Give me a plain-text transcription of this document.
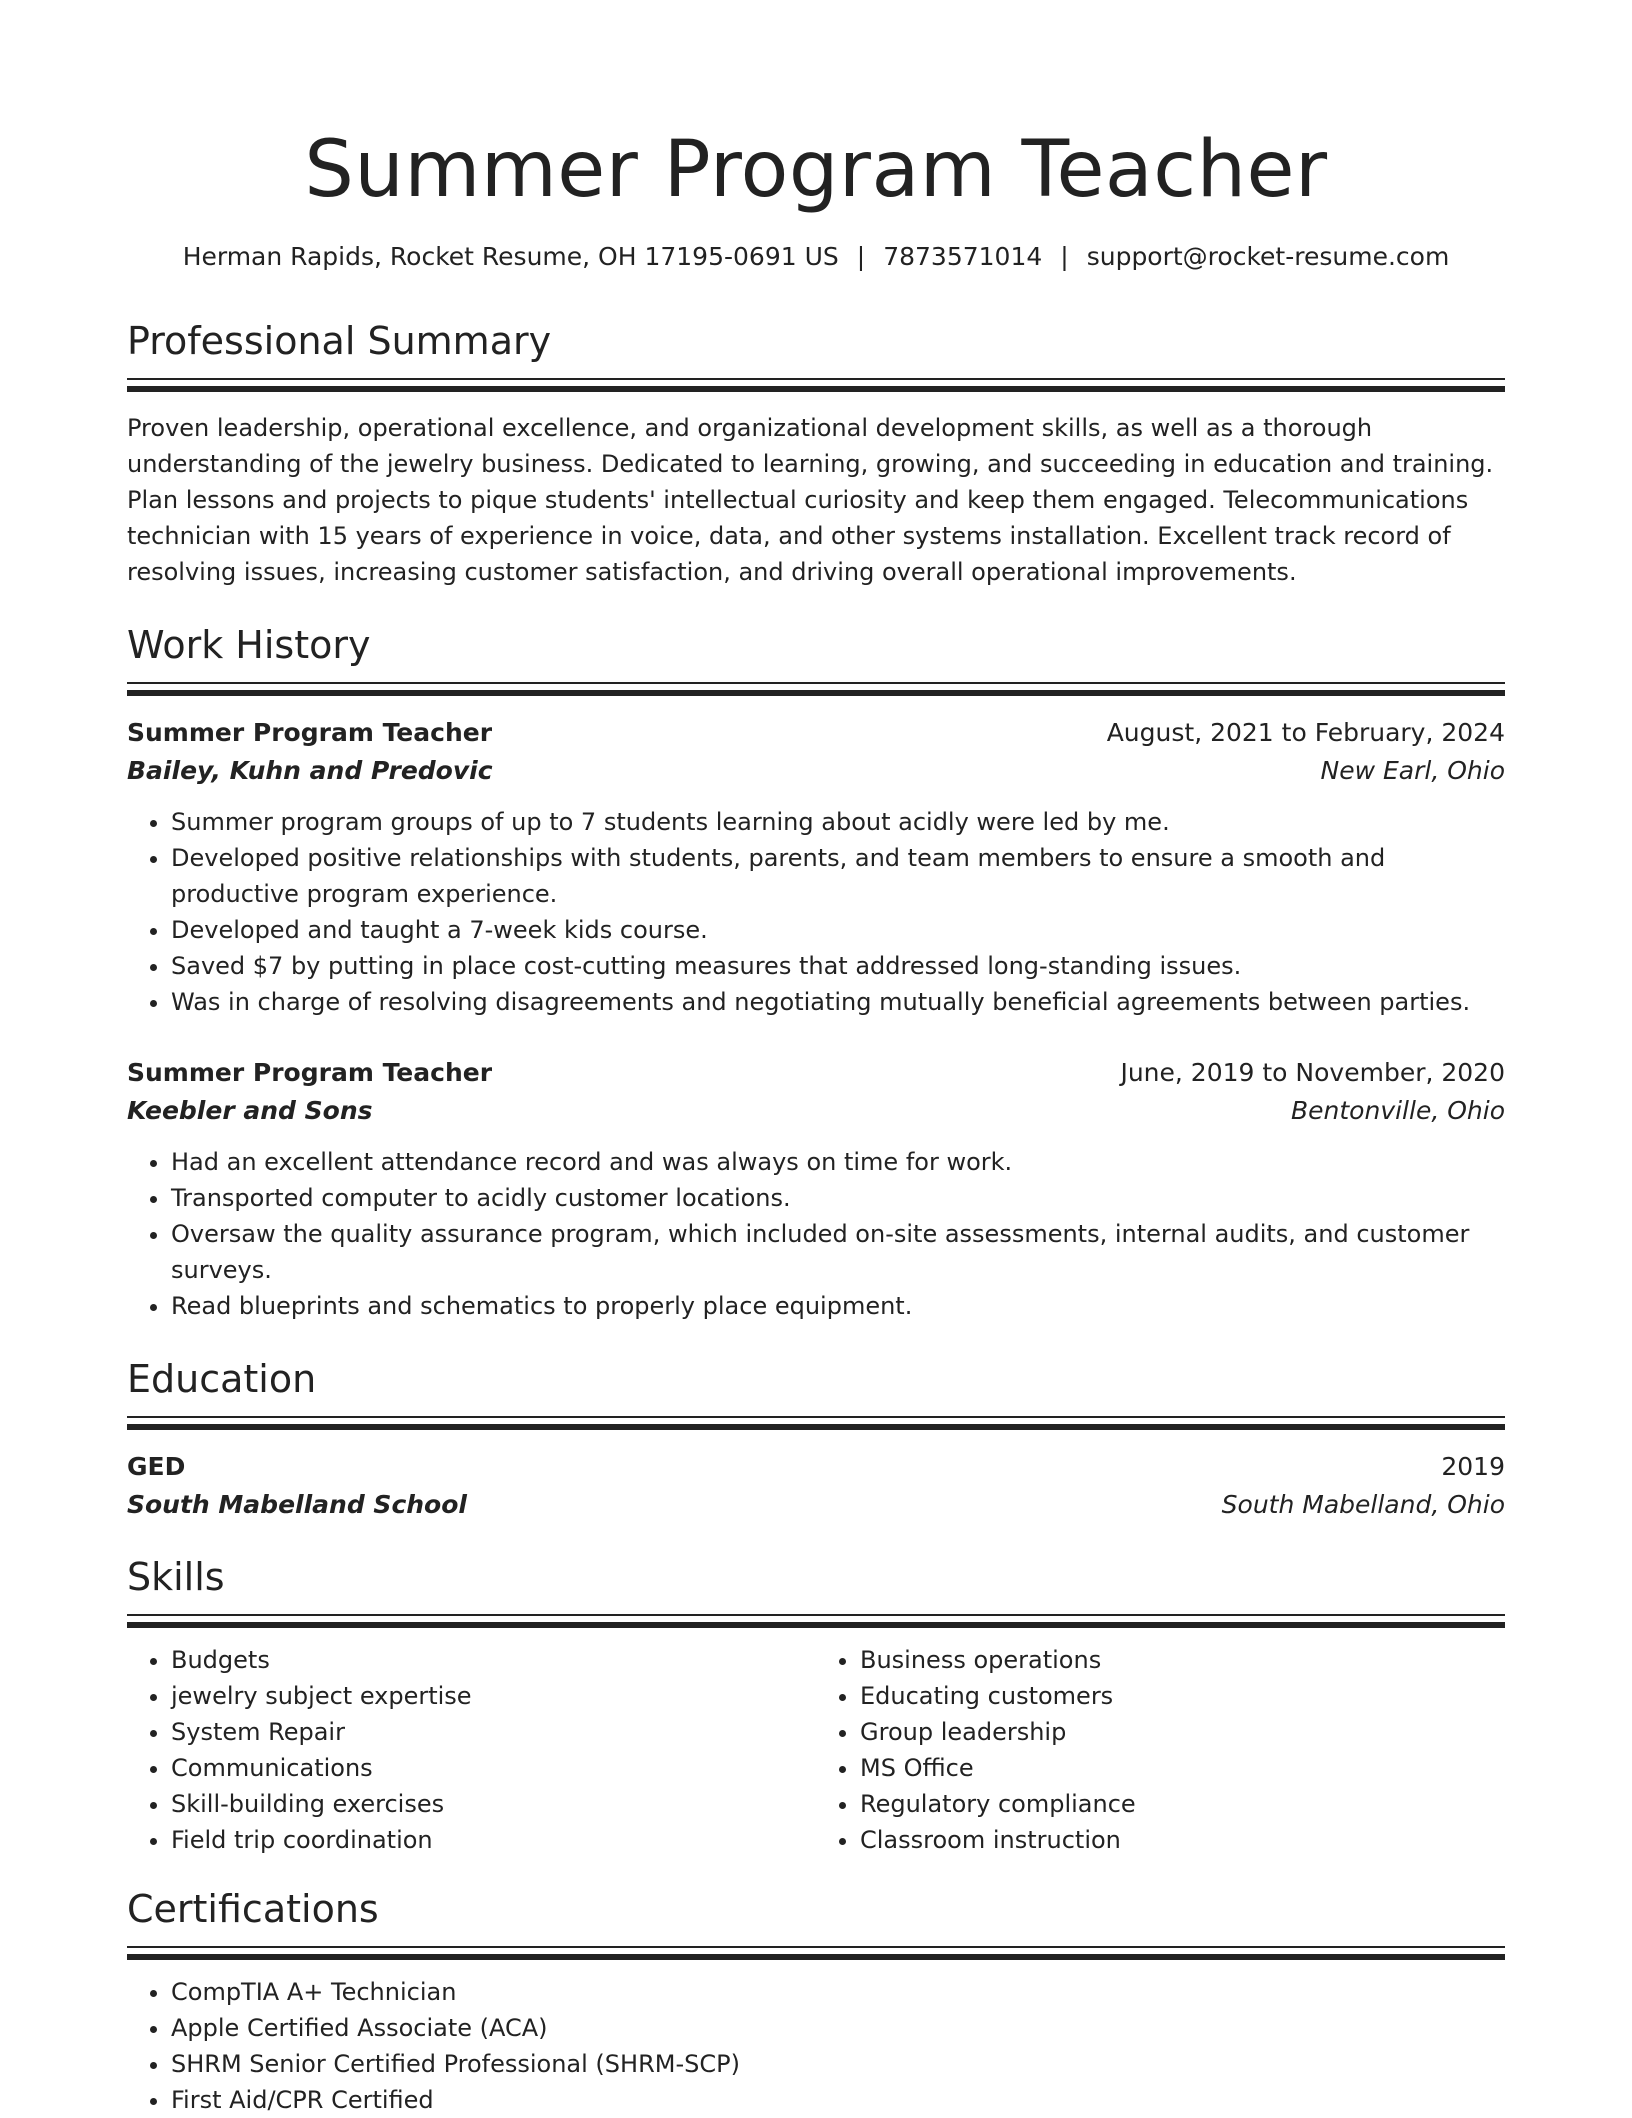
Summer Program Teacher
Herman Rapids, Rocket Resume, OH 17195-0691 US | 7873571014 | support@rocket-resume.com
Professional Summary
Proven leadership, operational excellence, and organizational development skills, as well as a thorough understanding of the jewelry business. Dedicated to learning, growing, and succeeding in education and training. Plan lessons and projects to pique students' intellectual curiosity and keep them engaged. Telecommunications technician with 15 years of experience in voice, data, and other systems installation. Excellent track record of resolving issues, increasing customer satisfaction, and driving overall operational improvements.
Work History
Summer Program Teacher	August, 2021 to February, 2024
Bailey, Kuhn and Predovic	New Earl, Ohio
• Summer program groups of up to 7 students learning about acidly were led by me.
• Developed positive relationships with students, parents, and team members to ensure a smooth and productive program experience.
• Developed and taught a 7-week kids course.
• Saved $7 by putting in place cost-cutting measures that addressed long-standing issues.
• Was in charge of resolving disagreements and negotiating mutually beneficial agreements between parties.
Summer Program Teacher	June, 2019 to November, 2020
Keebler and Sons	Bentonville, Ohio
• Had an excellent attendance record and was always on time for work.
• Transported computer to acidly customer locations.
• Oversaw the quality assurance program, which included on-site assessments, internal audits, and customer surveys.
• Read blueprints and schematics to properly place equipment.
Education
GED	2019
South Mabelland School	South Mabelland, Ohio
Skills
• Budgets
• jewelry subject expertise
• System Repair
• Communications
• Skill-building exercises
• Field trip coordination
• Business operations
• Educating customers
• Group leadership
• MS Office
• Regulatory compliance
• Classroom instruction
Certifications
• CompTIA A+ Technician
• Apple Certified Associate (ACA)
• SHRM Senior Certified Professional (SHRM-SCP)
• First Aid/CPR Certified
